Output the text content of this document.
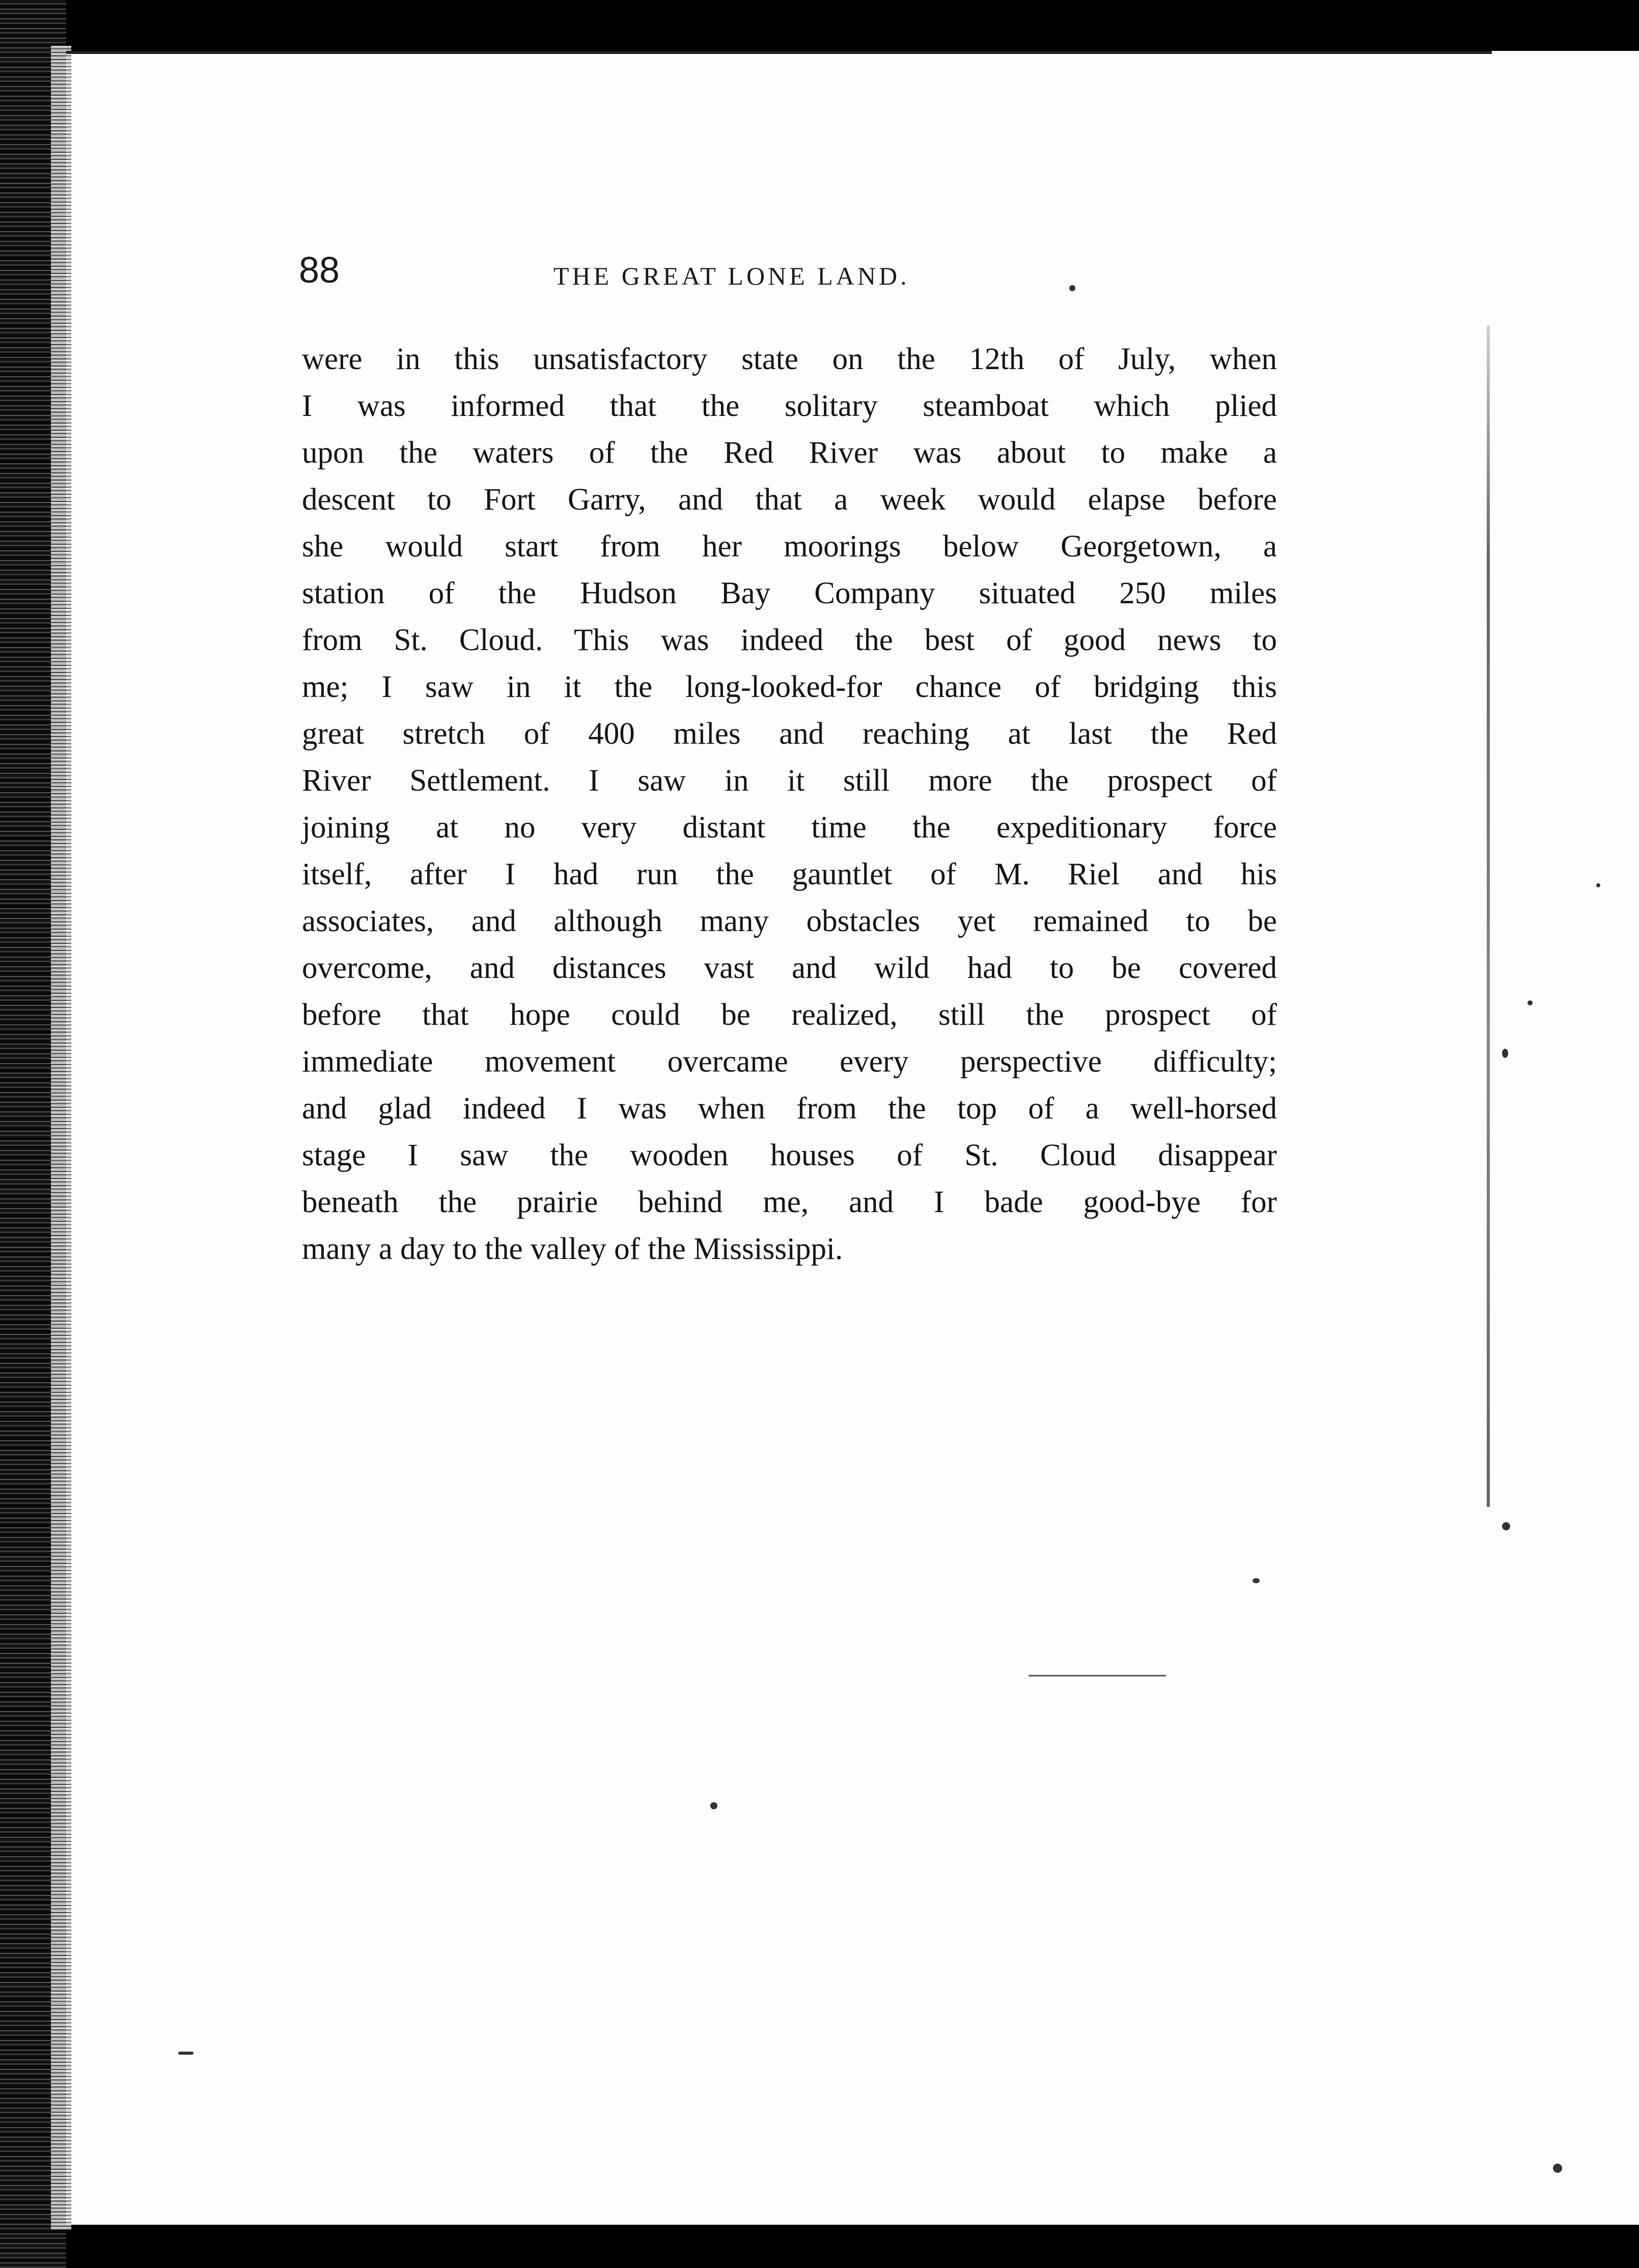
88	THE GREAT LONE LAND.
were in this unsatisfactory state on the 12th of July, when
I was informed that the solitary steamboat which plied
upon the waters of the Red River was about to make a
descent to Fort Garry, and that a week would elapse before
she would start from her moorings below Georgetown, a
station of the Hudson Bay Company situated 250 miles
from St. Cloud. This was indeed the best of good news to
me; I saw in it the long-looked-for chance of bridging this
great stretch of 400 miles and reaching at last the Red
River Settlement. I saw in it still more the prospect of
joining at no very distant time the expeditionary force
itself, after I had run the gauntlet of M. Riel and his
associates, and although many obstacles yet remained to be
overcome, and distances vast and wild had to be covered
before that hope could be realized, still the prospect of
immediate movement overcame every perspective difficulty;
and glad indeed I was when from the top of a well-horsed
stage I saw the wooden houses of St. Cloud disappear
beneath the prairie behind me, and I bade good-bye for
many a day to the valley of the Mississippi.
